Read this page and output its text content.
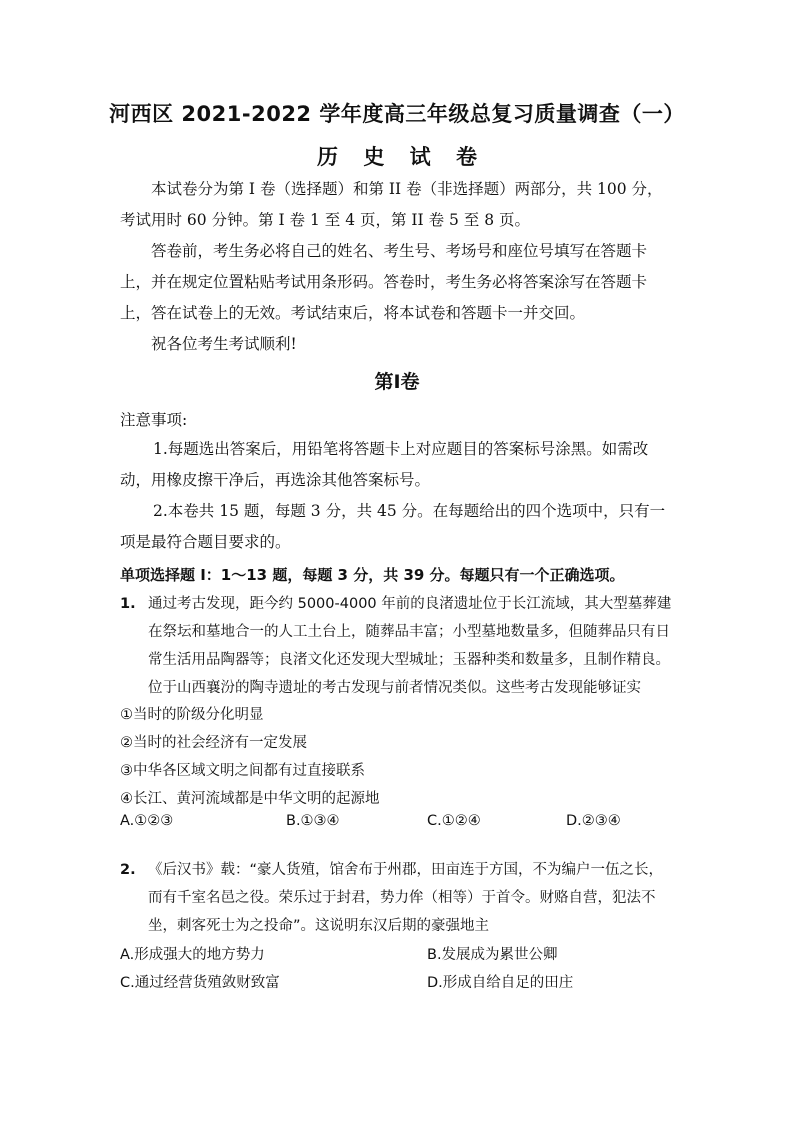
河西区 2021-2022 学年度高三年级总复习质量调查（一）
历 史 试 卷
本试卷分为第 I 卷（选择题）和第 II 卷（非选择题）两部分，共 100 分，考试用时 60 分钟。第 I 卷 1 至 4 页，第 II 卷 5 至 8 页。
答卷前，考生务必将自己的姓名、考生号、考场号和座位号填写在答题卡上，并在规定位置粘贴考试用条形码。答卷时，考生务必将答案涂写在答题卡上，答在试卷上的无效。考试结束后，将本试卷和答题卡一并交回。
祝各位考生考试顺利!
第Ⅰ卷
注意事项:
1.每题选出答案后，用铅笔将答题卡上对应题目的答案标号涂黑。如需改动，用橡皮擦干净后，再选涂其他答案标号。
2.本卷共 15 题，每题 3 分，共 45 分。在每题给出的四个选项中，只有一项是最符合题目要求的。
单项选择题 I：1～13 题，每题 3 分，共 39 分。每题只有一个正确选项。
1. 通过考古发现，距今约 5000-4000 年前的良渚遗址位于长江流域，其大型墓葬建在祭坛和墓地合一的人工土台上，随葬品丰富；小型墓地数量多，但随葬品只有日常生活用品陶器等；良渚文化还发现大型城址；玉器种类和数量多，且制作精良。位于山西襄汾的陶寺遗址的考古发现与前者情况类似。这些考古发现能够证实
①当时的阶级分化明显
②当时的社会经济有一定发展
③中华各区域文明之间都有过直接联系
④长江、黄河流域都是中华文明的起源地
A.①②③	B.①③④	C.①②④	D.②③④
2. 《后汉书》载：“豪人货殖，馆舍布于州郡，田亩连于方国，不为编户一伍之长，而有千室名邑之役。荣乐过于封君，势力侔（相等）于首令。财赂自营，犯法不坐，刺客死士为之投命”。这说明东汉后期的豪强地主
A.形成强大的地方势力	B.发展成为累世公卿
C.通过经营货殖敛财致富	D.形成自给自足的田庄
